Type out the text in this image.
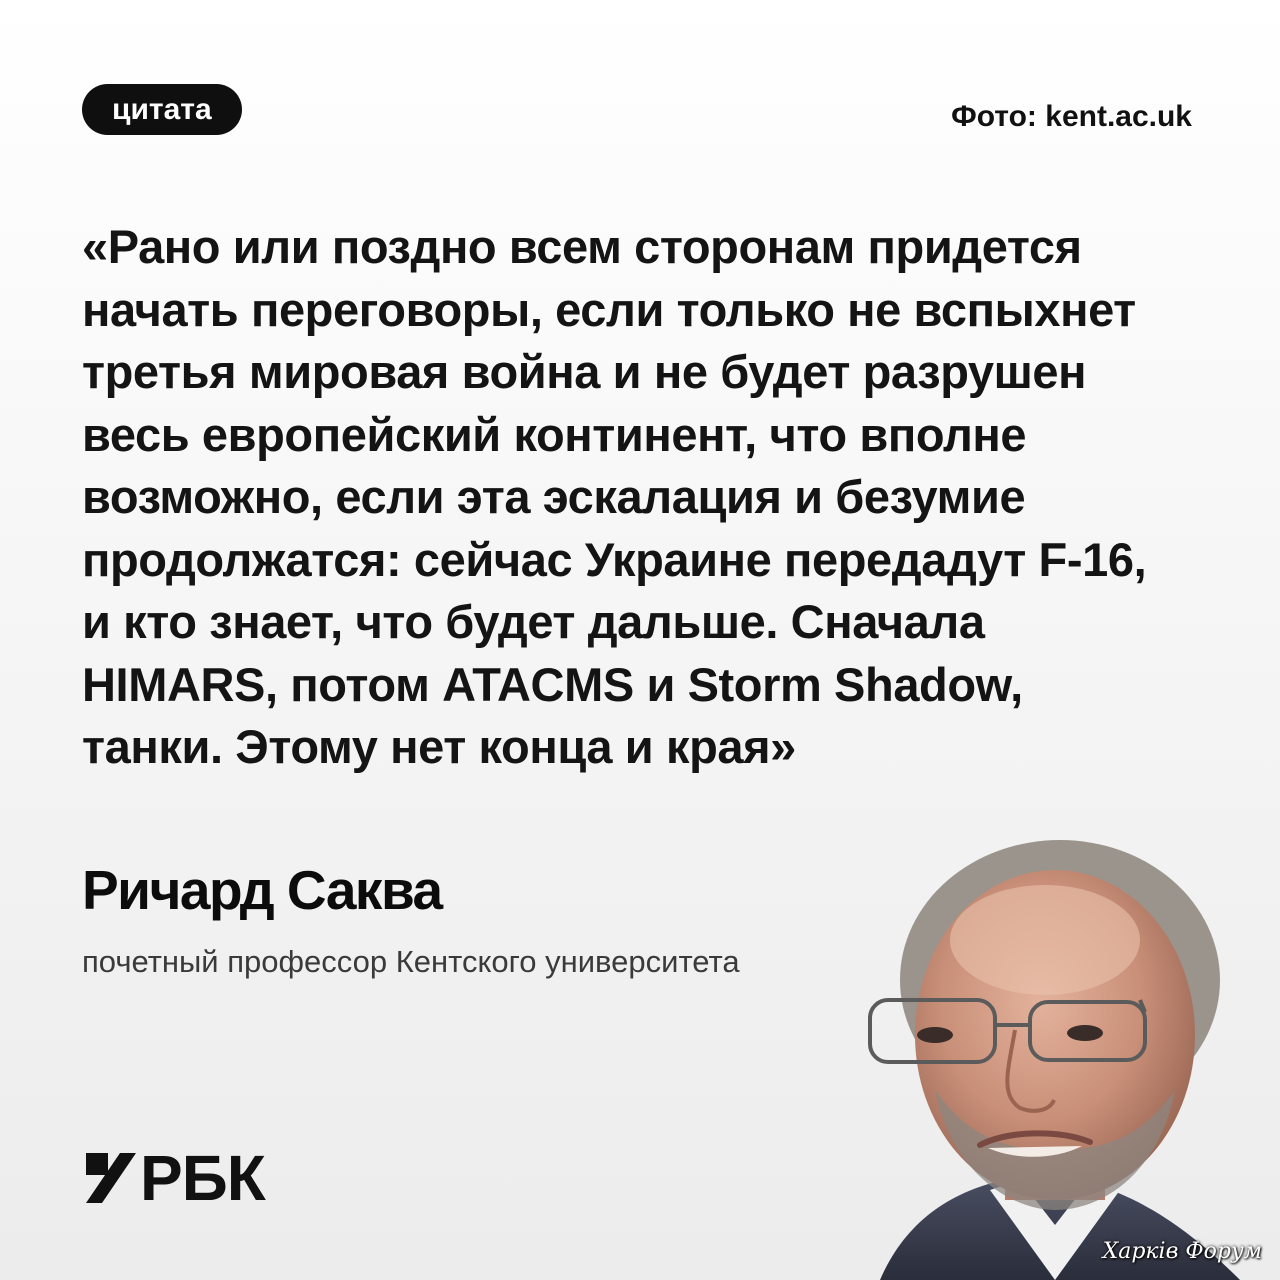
цитата	Фото: kent.ac.uk
«Рано или поздно всем сторонам придется
начать переговоры, если только не вспыхнет
третья мировая война и не будет разрушен
весь европейский континент, что вполне
возможно, если эта эскалация и безумие
продолжатся: сейчас Украине передадут F-16,
и кто знает, что будет дальше. Сначала
HIMARS, потом ATACMS и Storm Shadow,
танки. Этому нет конца и края»
Ричард Саква
почетный профессор Кентского университета
РБК
Харків Форум
